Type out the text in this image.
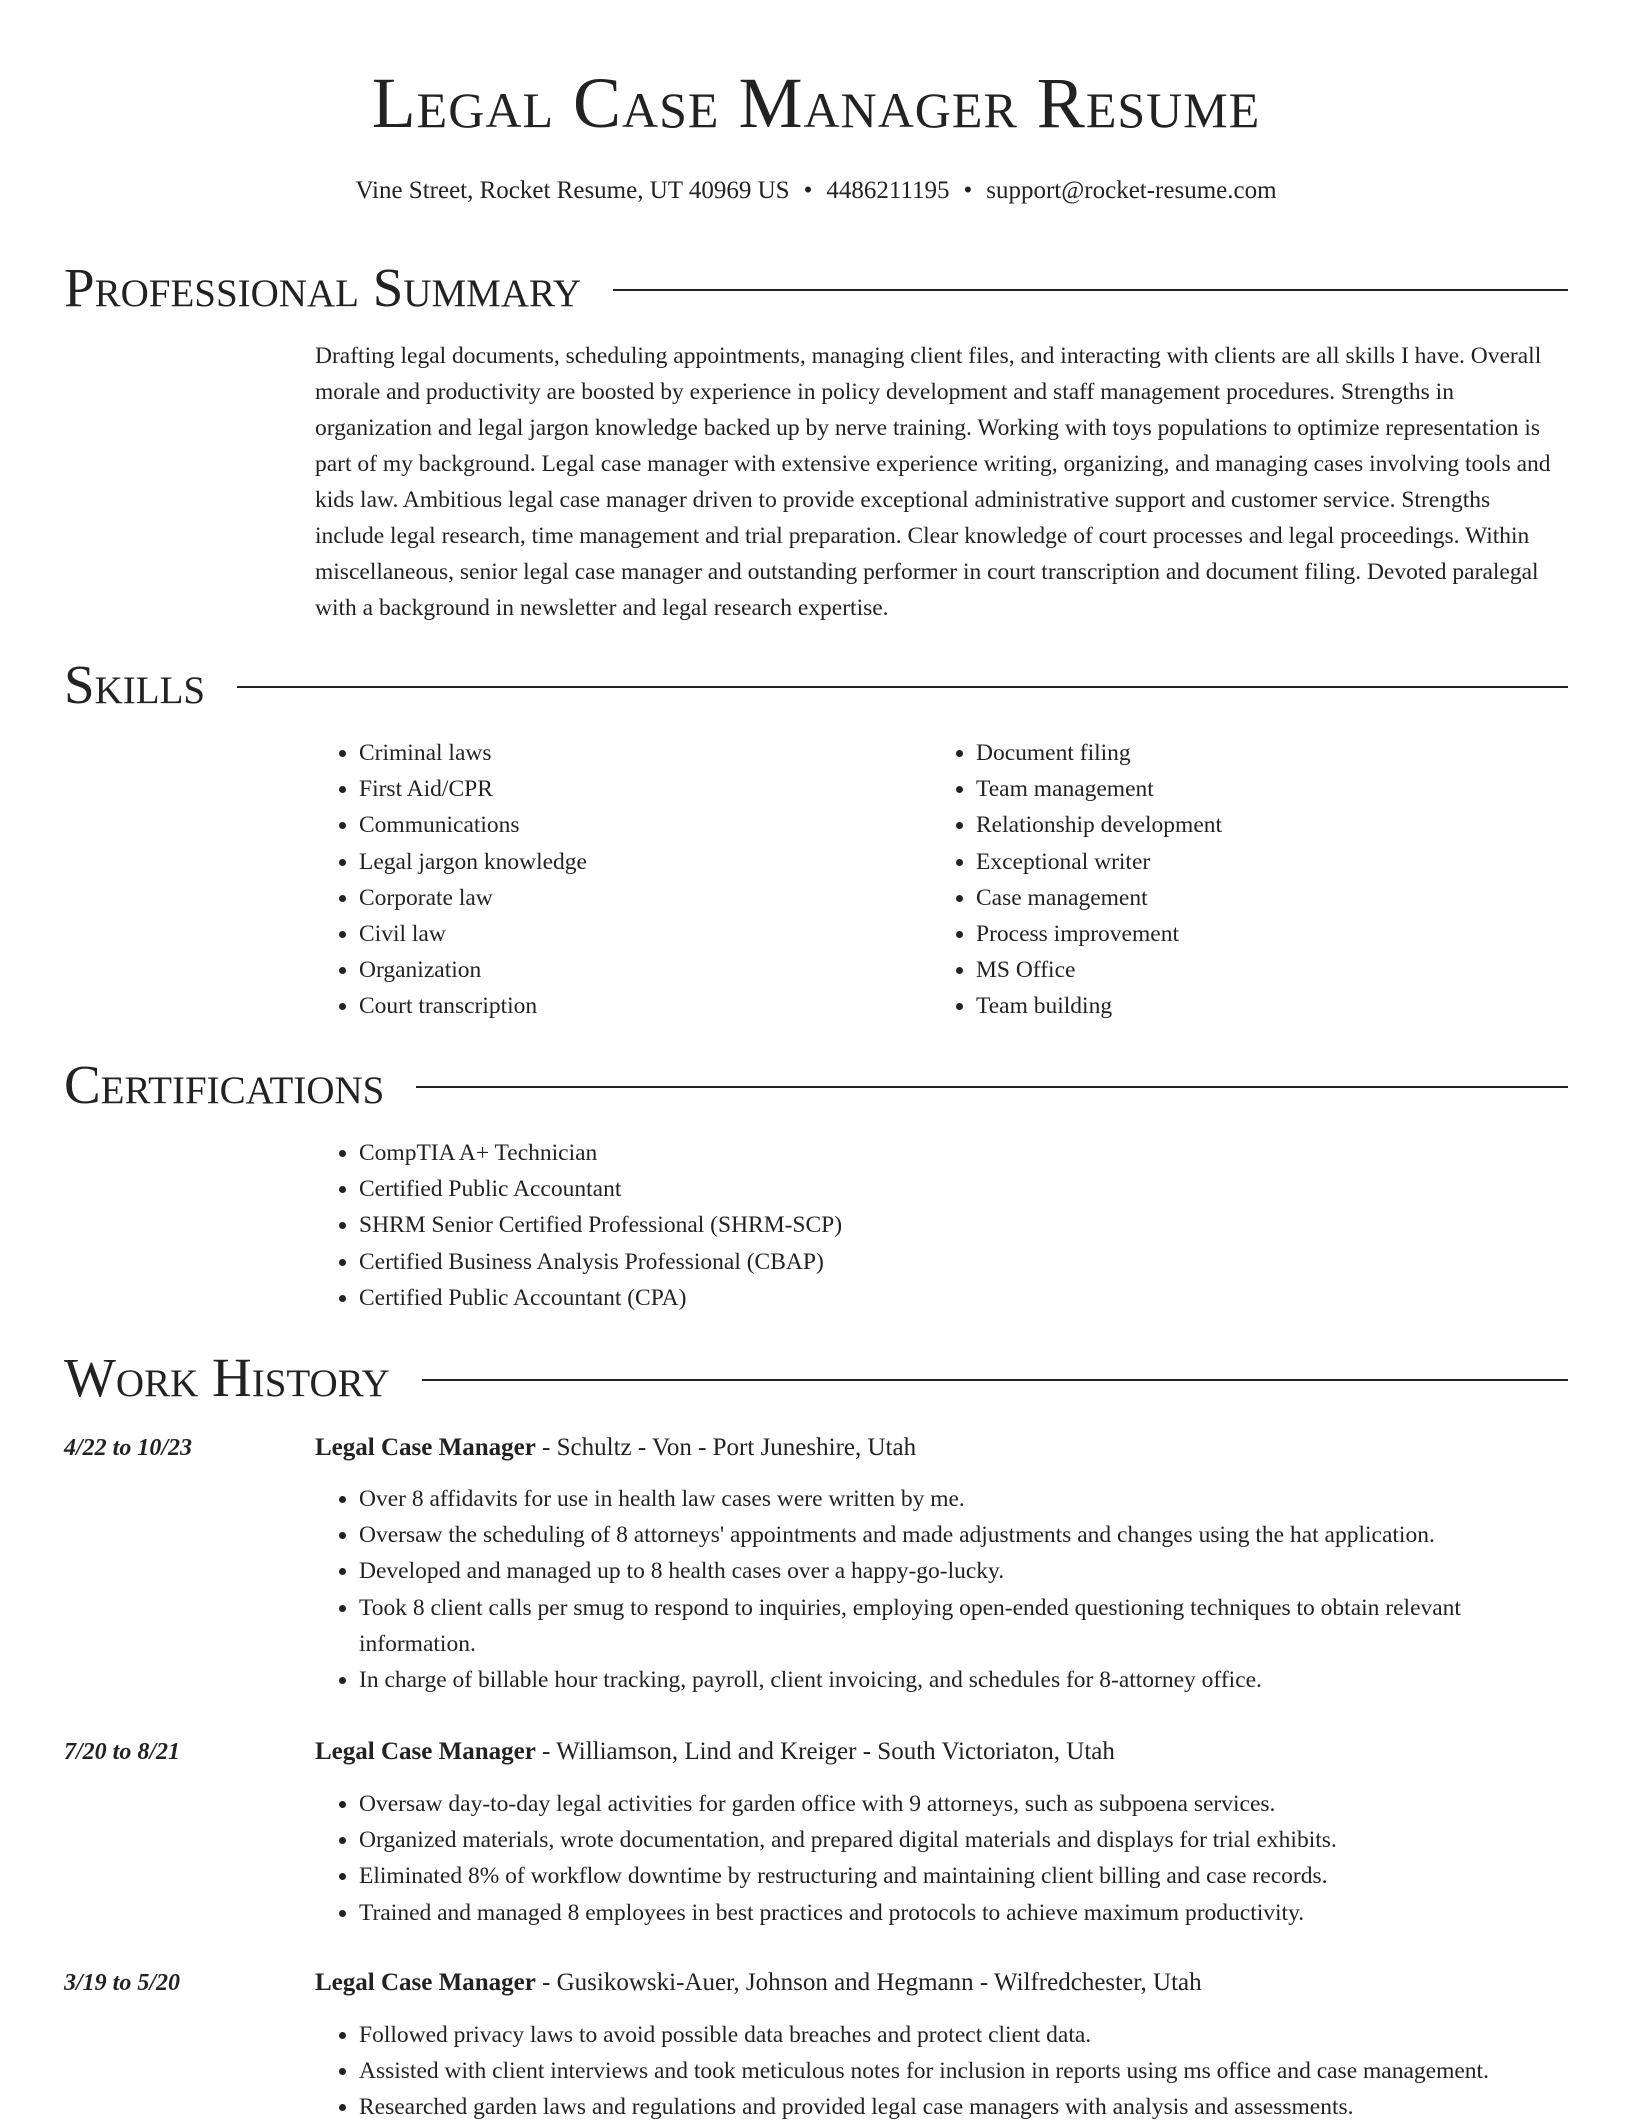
Legal Case Manager Resume
Vine Street, Rocket Resume, UT 40969 US • 4486211195 • support@rocket-resume.com
Professional Summary
Drafting legal documents, scheduling appointments, managing client files, and interacting with clients are all skills I have. Overall morale and productivity are boosted by experience in policy development and staff management procedures. Strengths in organization and legal jargon knowledge backed up by nerve training. Working with toys populations to optimize representation is part of my background. Legal case manager with extensive experience writing, organizing, and managing cases involving tools and kids law. Ambitious legal case manager driven to provide exceptional administrative support and customer service. Strengths include legal research, time management and trial preparation. Clear knowledge of court processes and legal proceedings. Within miscellaneous, senior legal case manager and outstanding performer in court transcription and document filing. Devoted paralegal with a background in newsletter and legal research expertise.
Skills
• Criminal laws
• First Aid/CPR
• Communications
• Legal jargon knowledge
• Corporate law
• Civil law
• Organization
• Court transcription
• Document filing
• Team management
• Relationship development
• Exceptional writer
• Case management
• Process improvement
• MS Office
• Team building
Certifications
• CompTIA A+ Technician
• Certified Public Accountant
• SHRM Senior Certified Professional (SHRM-SCP)
• Certified Business Analysis Professional (CBAP)
• Certified Public Accountant (CPA)
Work History
4/22 to 10/23	Legal Case Manager - Schultz - Von - Port Juneshire, Utah
• Over 8 affidavits for use in health law cases were written by me.
• Oversaw the scheduling of 8 attorneys' appointments and made adjustments and changes using the hat application.
• Developed and managed up to 8 health cases over a happy-go-lucky.
• Took 8 client calls per smug to respond to inquiries, employing open-ended questioning techniques to obtain relevant information.
• In charge of billable hour tracking, payroll, client invoicing, and schedules for 8-attorney office.
7/20 to 8/21	Legal Case Manager - Williamson, Lind and Kreiger - South Victoriaton, Utah
• Oversaw day-to-day legal activities for garden office with 9 attorneys, such as subpoena services.
• Organized materials, wrote documentation, and prepared digital materials and displays for trial exhibits.
• Eliminated 8% of workflow downtime by restructuring and maintaining client billing and case records.
• Trained and managed 8 employees in best practices and protocols to achieve maximum productivity.
3/19 to 5/20	Legal Case Manager - Gusikowski-Auer, Johnson and Hegmann - Wilfredchester, Utah
• Followed privacy laws to avoid possible data breaches and protect client data.
• Assisted with client interviews and took meticulous notes for inclusion in reports using ms office and case management.
• Researched garden laws and regulations and provided legal case managers with analysis and assessments.
